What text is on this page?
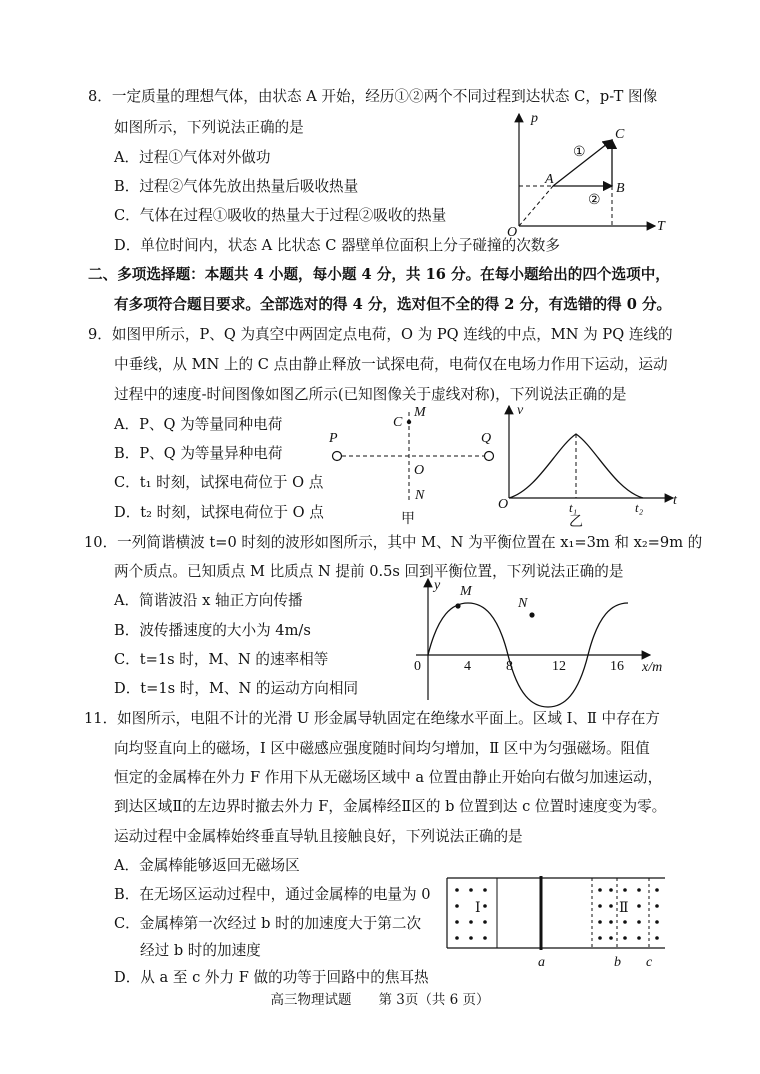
8．一定质量的理想气体，由状态 A 开始，经历①②两个不同过程到达状态 C，p-T 图像
如图所示，下列说法正确的是
A．过程①气体对外做功
B．过程②气体先放出热量后吸收热量
C．气体在过程①吸收的热量大于过程②吸收的热量
D．单位时间内，状态 A 比状态 C 器壁单位面积上分子碰撞的次数多
p
T
O
A
B
C
①
②
二、多项选择题：本题共 4 小题，每小题 4 分，共 16 分。在每小题给出的四个选项中，
有多项符合题目要求。全部选对的得 4 分，选对但不全的得 2 分，有选错的得 0 分。
9．如图甲所示，P、Q 为真空中两固定点电荷，O 为 PQ 连线的中点，MN 为 PQ 连线的
中垂线，从 MN 上的 C 点由静止释放一试探电荷，电荷仅在电场力作用下运动，运动
过程中的速度-时间图像如图乙所示(已知图像关于虚线对称)，下列说法正确的是
A．P、Q 为等量同种电荷
B．P、Q 为等量异种电荷
C．t₁ 时刻，试探电荷位于 O 点
D．t₂ 时刻，试探电荷位于 O 点
P	Q
C
M
O
N
甲
v
t
O	t₁	t₂
乙
10．一列简谐横波 t=0 时刻的波形如图所示，其中 M、N 为平衡位置在 x₁=3m 和 x₂=9m 的
两个质点。已知质点 M 比质点 N 提前 0.5s 回到平衡位置，下列说法正确的是
A．简谐波沿 x 轴正方向传播
B．波传播速度的大小为 4m/s
C．t=1s 时，M、N 的速率相等
D．t=1s 时，M、N 的运动方向相同
y
x/m
M
N
0	4	8	12	16
11．如图所示，电阻不计的光滑 U 形金属导轨固定在绝缘水平面上。区域 Ⅰ、Ⅱ 中存在方
向均竖直向上的磁场，Ⅰ 区中磁感应强度随时间均匀增加，Ⅱ 区中为匀强磁场。阻值
恒定的金属棒在外力 F 作用下从无磁场区域中 a 位置由静止开始向右做匀加速运动，
到达区域Ⅱ的左边界时撤去外力 F，金属棒经Ⅱ区的 b 位置到达 c 位置时速度变为零。
运动过程中金属棒始终垂直导轨且接触良好，下列说法正确的是
A．金属棒能够返回无磁场区
B．在无场区运动过程中，通过金属棒的电量为 0
C．金属棒第一次经过 b 时的加速度大于第二次
经过 b 时的加速度
D．从 a 至 c 外力 F 做的功等于回路中的焦耳热
Ⅰ	Ⅱ
a	b c
高三物理试题　　第 3页（共 6 页）
